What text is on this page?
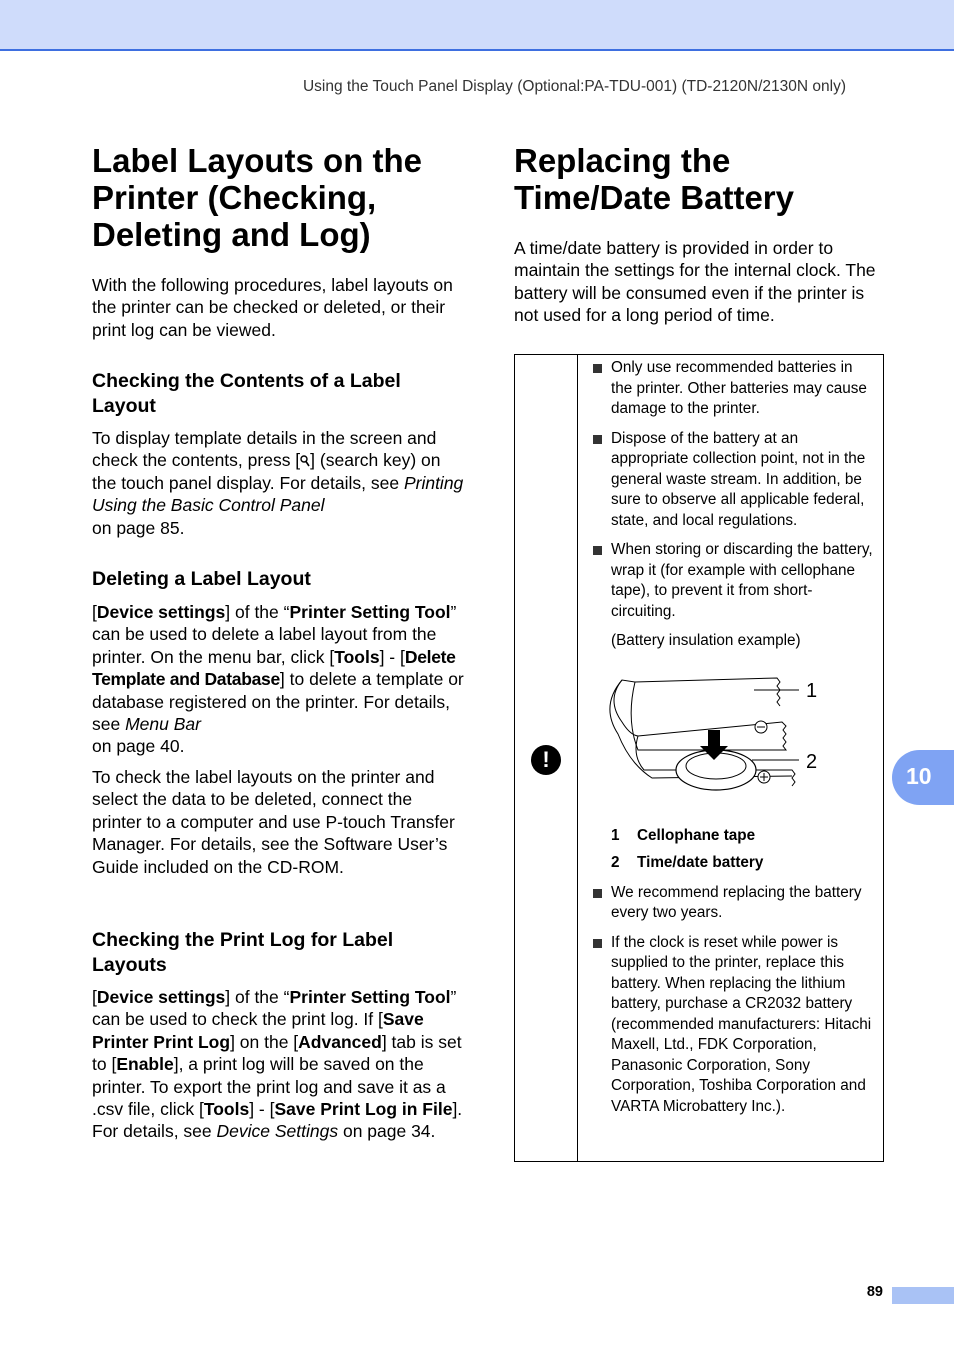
Using the Touch Panel Display (Optional:PA-TDU-001) (TD-2120N/2130N only)
Label Layouts on the Printer (Checking, Deleting and Log)

With the following procedures, label layouts on the printer can be checked or deleted, or their print log can be viewed.

Checking the Contents of a Label Layout

To display template details in the screen and check the contents, press [ ] (search key) on the touch panel display. For details, see Printing Using the Basic Control Panel
on page 85.

Deleting a Label Layout

[Device settings] of the “Printer Setting Tool” can be used to delete a label layout from the printer. On the menu bar, click [Tools] - [Delete Template and Database] to delete a template or database registered on the printer. For details, see Menu Bar
on page 40.

To check the label layouts on the printer and select the data to be deleted, connect the printer to a computer and use P-touch Transfer Manager. For details, see the Software User’s Guide included on the CD-ROM.

Checking the Print Log for Label Layouts

[Device settings] of the “Printer Setting Tool” can be used to check the print log. If [Save Printer Print Log] on the [Advanced] tab is set to [Enable], a print log will be saved on the printer. To export the print log and save it as a .csv file, click [Tools] - [Save Print Log in File]. For details, see Device Settings on page 34.

Replacing the Time/Date Battery

A time/date battery is provided in order to maintain the settings for the internal clock. The battery will be consumed even if the printer is not used for a long period of time.

!
Only use recommended batteries in the printer. Other batteries may cause damage to the printer.
Dispose of the battery at an appropriate collection point, not in the general waste stream. In addition, be sure to observe all applicable federal, state, and local regulations.
When storing or discarding the battery, wrap it (for example with cellophane tape), to prevent it from short-circuiting.
(Battery insulation example)
1
2
1 Cellophane tape
2 Time/date battery
We recommend replacing the battery every two years.
If the clock is reset while power is supplied to the printer, replace this battery. When replacing the lithium battery, purchase a CR2032 battery (recommended manufacturers: Hitachi Maxell, Ltd., FDK Corporation, Panasonic Corporation, Sony Corporation, Toshiba Corporation and VARTA Microbattery Inc.).
10
89
